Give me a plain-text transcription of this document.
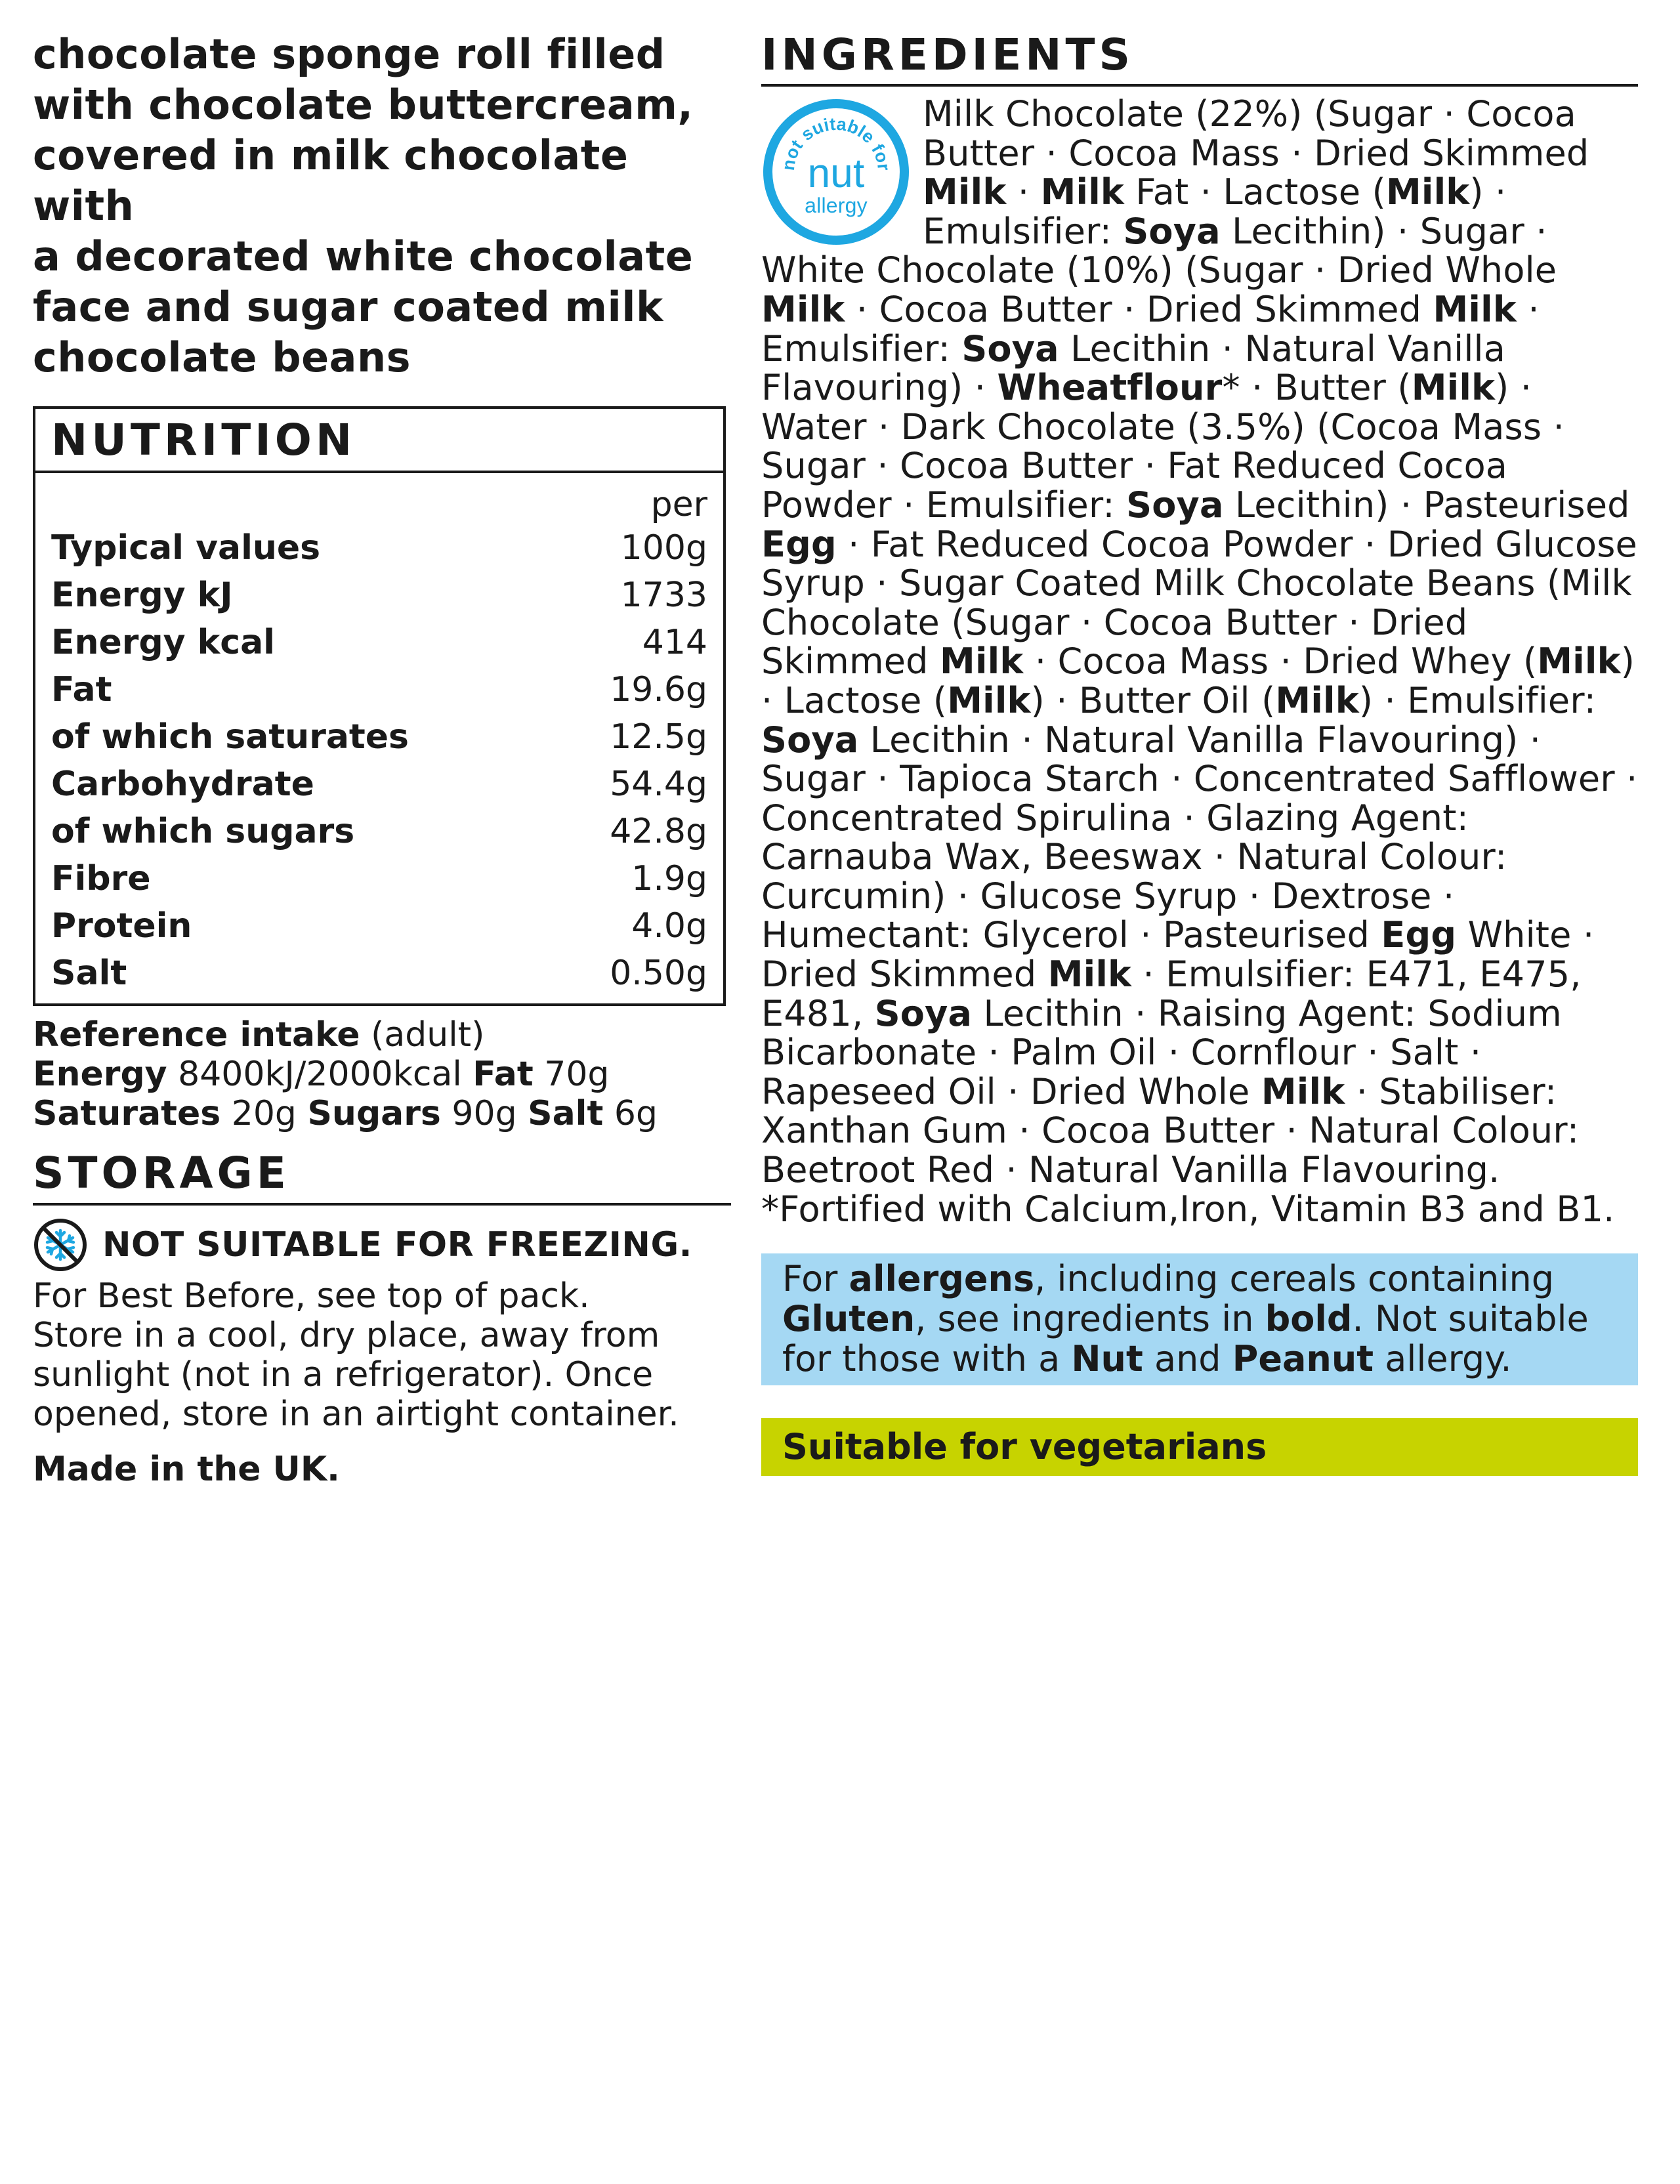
chocolate sponge roll filled
with chocolate buttercream,
covered in milk chocolate with
a decorated white chocolate
face and sugar coated milk
chocolate beans

NUTRITION
	per
Typical values	100g
Energy kJ	1733
Energy kcal	414
Fat	19.6g
of which saturates	12.5g
Carbohydrate	54.4g
of which sugars	42.8g
Fibre	1.9g
Protein	4.0g
Salt	0.50g
Reference intake (adult)
Energy 8400kJ/2000kcal Fat 70g
Saturates 20g Sugars 90g Salt 6g
STORAGE
NOT SUITABLE FOR FREEZING.
For Best Before, see top of pack.
Store in a cool, dry place, away from
sunlight (not in a refrigerator). Once
opened, store in an airtight container.
Made in the UK.
INGREDIENTS
not suitable for
nut
allergy
Milk Chocolate (22%) (Sugar · Cocoa Butter · Cocoa Mass · Dried Skimmed Milk · Milk Fat · Lactose (Milk) · Emulsifier: Soya Lecithin) · Sugar · White Chocolate (10%) (Sugar · Dried Whole Milk · Cocoa Butter · Dried Skimmed Milk · Emulsifier: Soya Lecithin · Natural Vanilla Flavouring) · Wheatflour* · Butter (Milk) · Water · Dark Chocolate (3.5%) (Cocoa Mass · Sugar · Cocoa Butter · Fat Reduced Cocoa Powder · Emulsifier: Soya Lecithin) · Pasteurised Egg · Fat Reduced Cocoa Powder · Dried Glucose Syrup · Sugar Coated Milk Chocolate Beans (Milk Chocolate (Sugar · Cocoa Butter · Dried Skimmed Milk · Cocoa Mass · Dried Whey (Milk) · Lactose (Milk) · Butter Oil (Milk) · Emulsifier: Soya Lecithin · Natural Vanilla Flavouring) · Sugar · Tapioca Starch · Concentrated Safflower · Concentrated Spirulina · Glazing Agent: Carnauba Wax, Beeswax · Natural Colour: Curcumin) · Glucose Syrup · Dextrose · Humectant: Glycerol · Pasteurised Egg White · Dried Skimmed Milk · Emulsifier: E471, E475, E481, Soya Lecithin · Raising Agent: Sodium Bicarbonate · Palm Oil · Cornflour · Salt · Rapeseed Oil · Dried Whole Milk · Stabiliser: Xanthan Gum · Cocoa Butter · Natural Colour: Beetroot Red · Natural Vanilla Flavouring.
*Fortified with Calcium,Iron, Vitamin B3 and B1.
For allergens, including cereals containing Gluten, see ingredients in bold. Not suitable for those with a Nut and Peanut allergy.
Suitable for vegetarians
